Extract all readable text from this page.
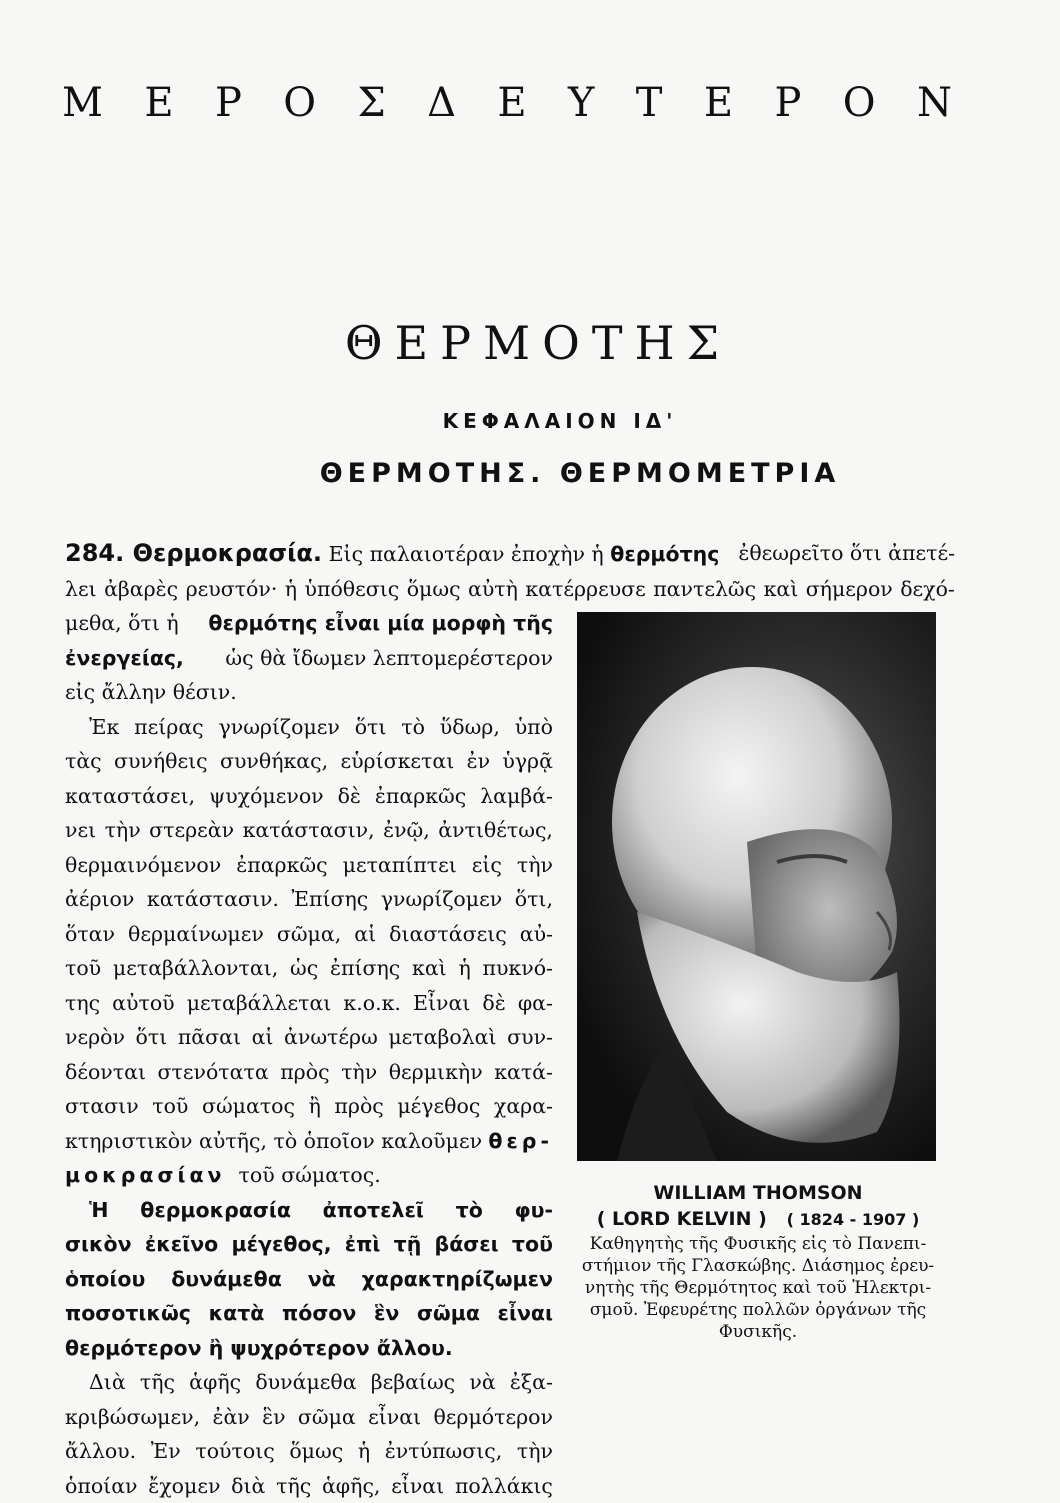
Μ Ε Ρ Ο Σ Δ Ε Υ Τ Ε Ρ Ο Ν
ΘΕΡΜΟΤΗΣ
ΚΕΦΑΛΑΙΟΝ ΙΔ'
ΘΕΡΜΟΤΗΣ. ΘΕΡΜΟΜΕΤΡΙΑ
284. Θερμοκρασία. Εἰς παλαιοτέραν ἐποχὴν ἡ θερμότης ἐθεωρεῖτο ὅτι ἀπετέ-
λει ἀβαρὲς ρευστόν· ἡ ὑπόθεσις ὅμως αὐτὴ κατέρρευσε παντελῶς καὶ σήμερον δεχό-
μεθα, ὅτι ἡ θερμότης εἶναι μία μορφὴ τῆς
ἐνεργείας, ὡς θὰ ἴδωμεν λεπτομερέστερον
εἰς ἄλλην θέσιν.
Ἐκ πείρας γνωρίζομεν ὅτι τὸ ὕδωρ, ὑπὸ
τὰς συνήθεις συνθήκας, εὑρίσκεται ἐν ὑγρᾷ
καταστάσει, ψυχόμενον δὲ ἐπαρκῶς λαμβά-
νει τὴν στερεὰν κατάστασιν, ἐνῷ, ἀντιθέτως,
θερμαινόμενον ἐπαρκῶς μεταπίπτει εἰς τὴν
ἀέριον κατάστασιν. Ἐπίσης γνωρίζομεν ὅτι,
ὅταν θερμαίνωμεν σῶμα, αἱ διαστάσεις αὐ-
τοῦ μεταβάλλονται, ὡς ἐπίσης καὶ ἡ πυκνό-
της αὐτοῦ μεταβάλλεται κ.ο.κ. Εἶναι δὲ φα-
νερὸν ὅτι πᾶσαι αἱ ἀνωτέρω μεταβολαὶ συν-
δέονται στενότατα πρὸς τὴν θερμικὴν κατά-
στασιν τοῦ σώματος ἢ πρὸς μέγεθος χαρα-
κτηριστικὸν αὐτῆς, τὸ ὁποῖον καλοῦμεν θερ-
μοκρασίαν τοῦ σώματος.
Ἡ θερμοκρασία ἀποτελεῖ τὸ φυ-
σικὸν ἐκεῖνο μέγεθος, ἐπὶ τῇ βάσει τοῦ
ὁποίου δυνάμεθα νὰ χαρακτηρίζωμεν
ποσοτικῶς κατὰ πόσον ἓν σῶμα εἶναι
θερμότερον ἢ ψυχρότερον ἄλλου.
Διὰ τῆς ἁφῆς δυνάμεθα βεβαίως νὰ ἐξα-
κριβώσωμεν, ἐὰν ἓν σῶμα εἶναι θερμότερον
ἄλλου. Ἐν τούτοις ὅμως ἡ ἐντύπωσις, τὴν
ὁποίαν ἔχομεν διὰ τῆς ἁφῆς, εἶναι πολλάκις
WILLIAM THOMSON
( LORD KELVIN ) ( 1824 - 1907 )
Καθηγητὴς τῆς Φυσικῆς εἰς τὸ Πανεπι-
στήμιον τῆς Γλασκώβης. Διάσημος ἐρευ-
νητὴς τῆς Θερμότητος καὶ τοῦ Ἠλεκτρι-
σμοῦ. Ἐφευρέτης πολλῶν ὀργάνων τῆς
Φυσικῆς.
